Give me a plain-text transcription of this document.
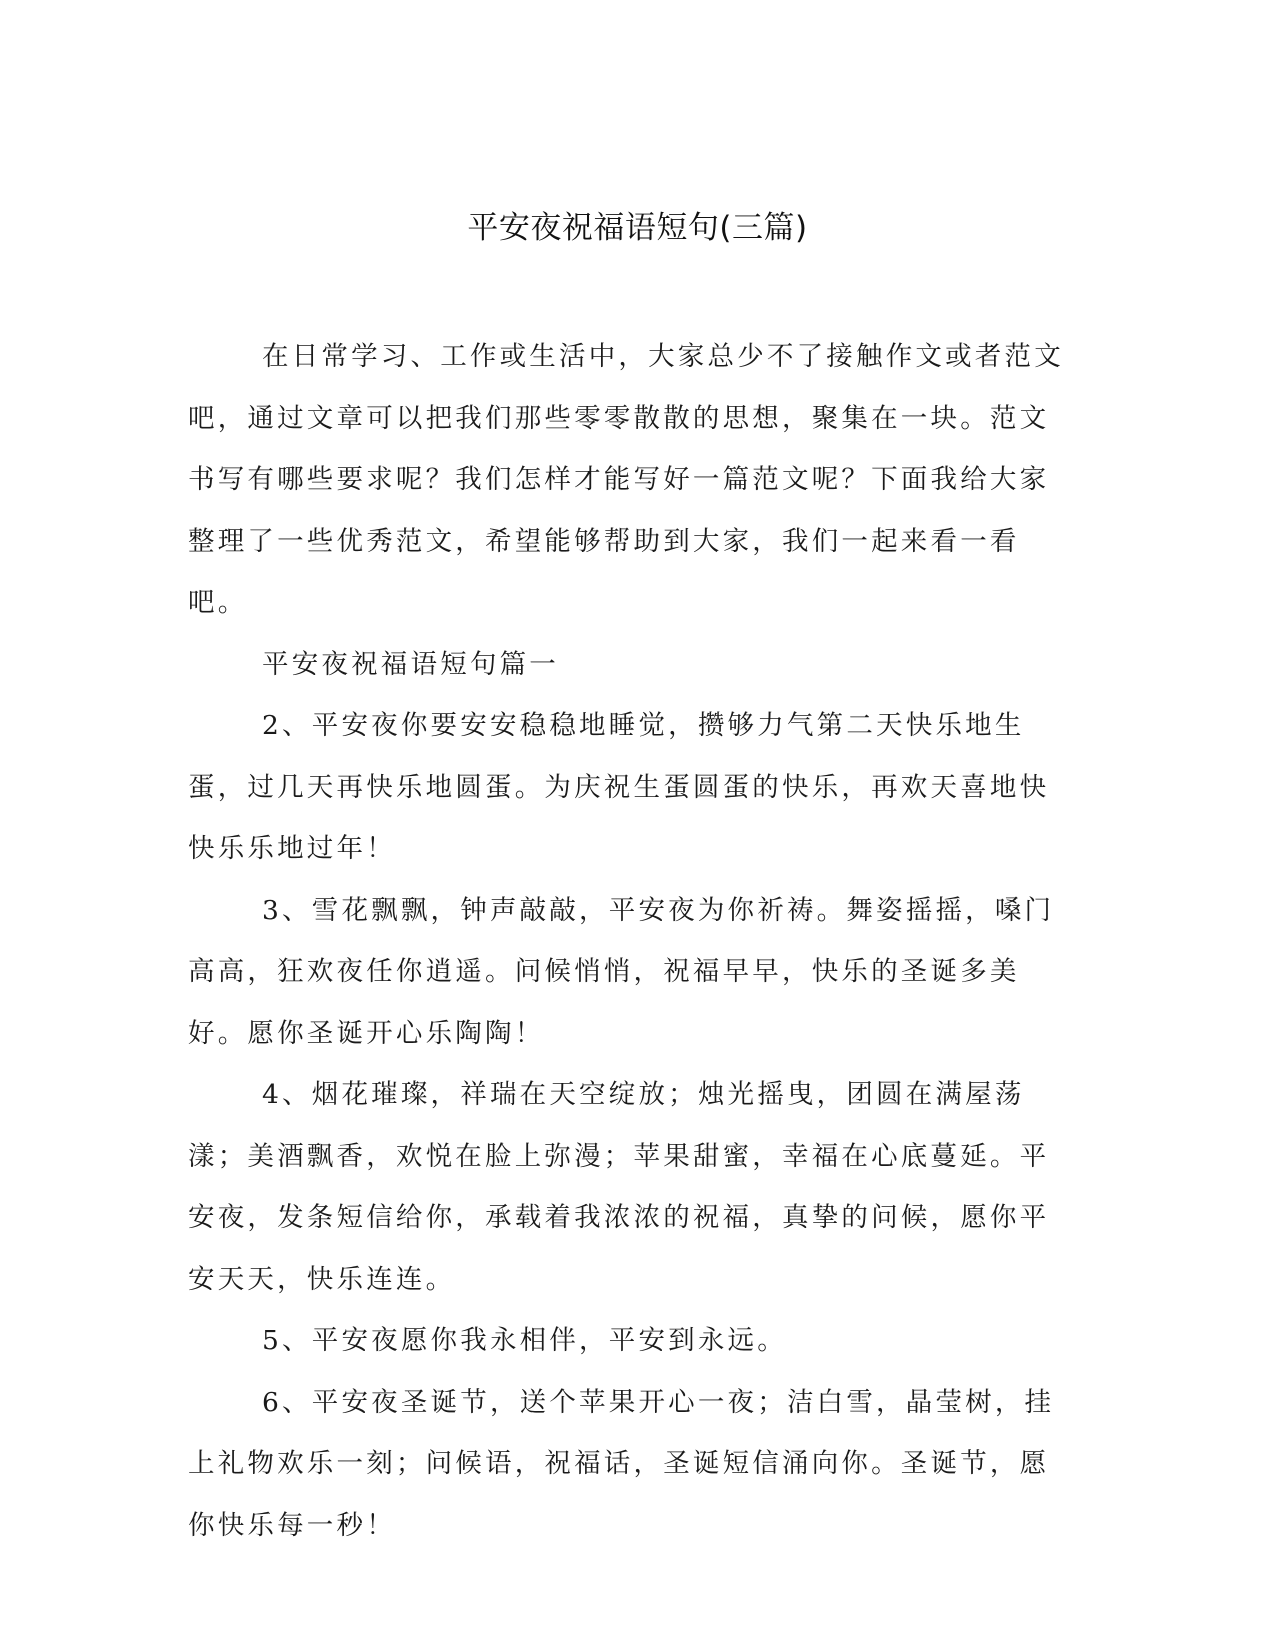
平安夜祝福语短句(三篇)

在日常学习、工作或生活中，大家总少不了接触作文或者范文吧，通过文章可以把我们那些零零散散的思想，聚集在一块。范文书写有哪些要求呢？我们怎样才能写好一篇范文呢？下面我给大家整理了一些优秀范文，希望能够帮助到大家，我们一起来看一看吧。

平安夜祝福语短句篇一

2、平安夜你要安安稳稳地睡觉，攒够力气第二天快乐地生蛋，过几天再快乐地圆蛋。为庆祝生蛋圆蛋的快乐，再欢天喜地快快乐乐地过年！

3、雪花飘飘，钟声敲敲，平安夜为你祈祷。舞姿摇摇，嗓门高高，狂欢夜任你逍遥。问候悄悄，祝福早早，快乐的圣诞多美好。愿你圣诞开心乐陶陶！

4、烟花璀璨，祥瑞在天空绽放；烛光摇曳，团圆在满屋荡漾；美酒飘香，欢悦在脸上弥漫；苹果甜蜜，幸福在心底蔓延。平安夜，发条短信给你，承载着我浓浓的祝福，真挚的问候，愿你平安天天，快乐连连。

5、平安夜愿你我永相伴，平安到永远。

6、平安夜圣诞节，送个苹果开心一夜；洁白雪，晶莹树，挂上礼物欢乐一刻；问候语，祝福话，圣诞短信涌向你。圣诞节，愿你快乐每一秒！
